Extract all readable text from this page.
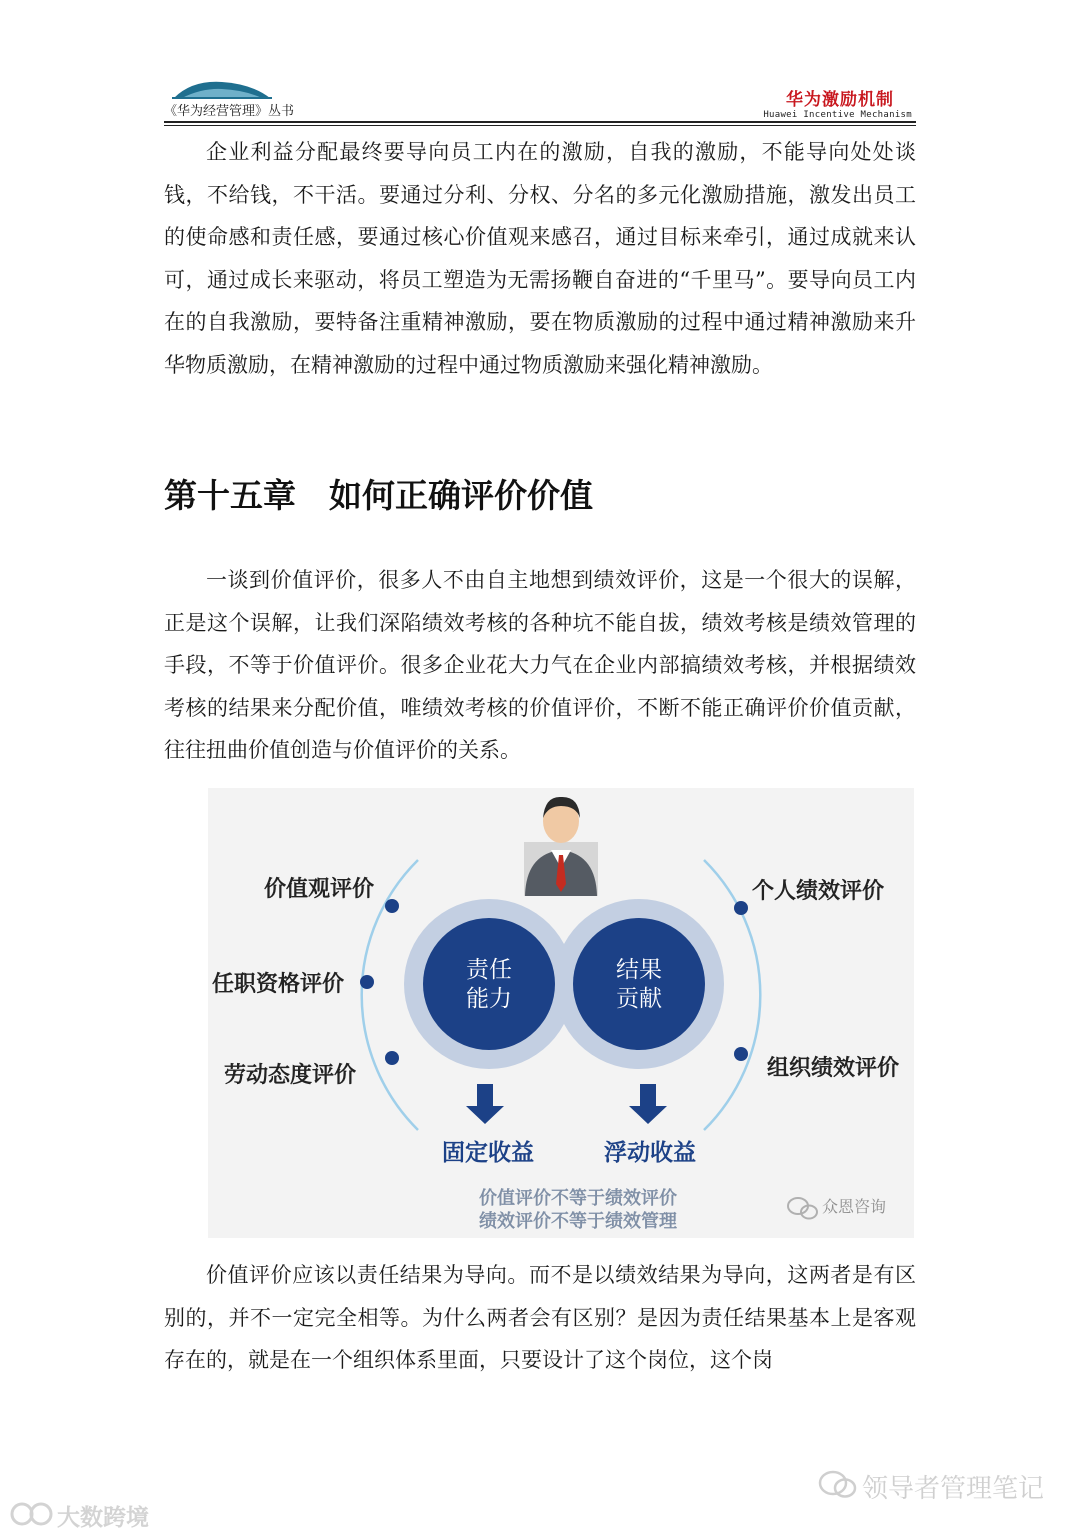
《华为经营管理》丛书
华为激励机制
Huawei Incentive Mechanism

企业利益分配最终要导向员工内在的激励，自我的激励，不能导向处处谈钱，不给钱，不干活。要通过分利、分权、分名的多元化激励措施，激发出员工的使命感和责任感，要通过核心价值观来感召，通过目标来牵引，通过成就来认可，通过成长来驱动，将员工塑造为无需扬鞭自奋进的“千里马”。要导向员工内在的自我激励，要特备注重精神激励，要在物质激励的过程中通过精神激励来升华物质激励，在精神激励的过程中通过物质激励来强化精神激励。

第十五章　如何正确评价价值

一谈到价值评价，很多人不由自主地想到绩效评价，这是一个很大的误解，正是这个误解，让我们深陷绩效考核的各种坑不能自拔，绩效考核是绩效管理的手段，不等于价值评价。很多企业花大力气在企业内部搞绩效考核，并根据绩效考核的结果来分配价值，唯绩效考核的价值评价，不断不能正确评价价值贡献，往往扭曲价值创造与价值评价的关系。

价值观评价
任职资格评价
劳动态度评价
个人绩效评价
组织绩效评价
责任
能力
结果
贡献
固定收益	浮动收益
价值评价不等于绩效评价
绩效评价不等于绩效管理
众恩咨询

价值评价应该以责任结果为导向。而不是以绩效结果为导向，这两者是有区别的，并不一定完全相等。为什么两者会有区别？是因为责任结果基本上是客观存在的，就是在一个组织体系里面，只要设计了这个岗位，这个岗

领导者管理笔记
大数跨境
